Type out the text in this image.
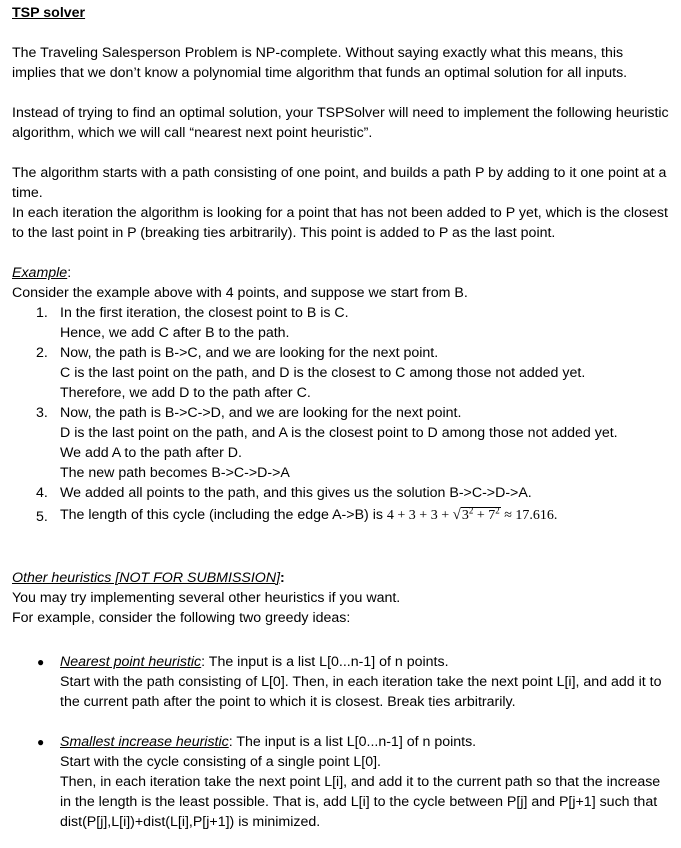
TSP solver

The Traveling Salesperson Problem is NP-complete. Without saying exactly what this means, this implies that we don’t know a polynomial time algorithm that funds an optimal solution for all inputs.

Instead of trying to find an optimal solution, your TSPSolver will need to implement the following heuristic algorithm, which we will call “nearest next point heuristic”.

The algorithm starts with a path consisting of one point, and builds a path P by adding to it one point at a time.

In each iteration the algorithm is looking for a point that has not been added to P yet, which is the closest to the last point in P (breaking ties arbitrarily). This point is added to P as the last point.

Example:

Consider the example above with 4 points, and suppose we start from B.

1. In the first iteration, the closest point to B is C.
Hence, we add C after B to the path.
2. Now, the path is B->C, and we are looking for the next point.
C is the last point on the path, and D is the closest to C among those not added yet.
Therefore, we add D to the path after C.
3. Now, the path is B->C->D, and we are looking for the next point.
D is the last point on the path, and A is the closest point to D among those not added yet.
We add A to the path after D.
The new path becomes B->C->D->A
4. We added all points to the path, and this gives us the solution B->C->D->A.
5. The length of this cycle (including the edge A->B) is $4 + 3 + 3 + √3^2 + 7^2 \approx 17.616$.

Other heuristics [NOT FOR SUBMISSION]:

You may try implementing several other heuristics if you want.

For example, consider the following two greedy ideas:

● Nearest point heuristic: The input is a list L[0...n-1] of n points.
Start with the path consisting of L[0]. Then, in each iteration take the next point L[i], and add it to the current path after the point to which it is closest. Break ties arbitrarily.
● Smallest increase heuristic: The input is a list L[0...n-1] of n points.
Start with the cycle consisting of a single point L[0].
Then, in each iteration take the next point L[i], and add it to the current path so that the increase in the length is the least possible. That is, add L[i] to the cycle between P[j] and P[j+1] such that dist(P[j],L[i])+dist(L[i],P[j+1]) is minimized.
